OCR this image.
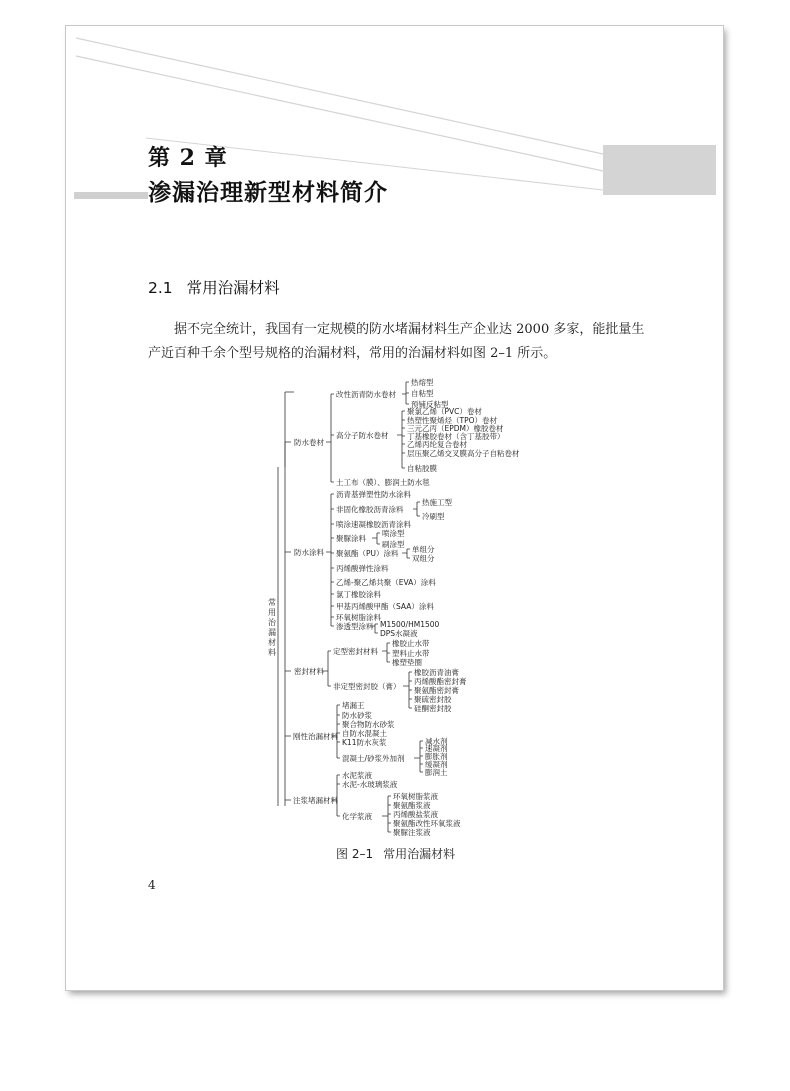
第 2 章
渗漏治理新型材料简介
2.1 常用治漏材料

据不完全统计，我国有一定规模的防水堵漏材料生产企业达 2000 多家，能批量生产近百种千余个型号规格的治漏材料，常用的治漏材料如图 2–1 所示。

常用治漏材料
防水卷材
防水涂料
密封材料
刚性治漏材料
注浆堵漏材料
改性沥青防水卷材
热熔型
自粘型
预铺反粘型
高分子防水卷材
聚氯乙烯（PVC）卷材
热塑性聚烯烃（TPO）卷材
三元乙丙（EPDM）橡胶卷材
丁基橡胶卷材（含丁基胶带）
乙烯丙纶复合卷材
层压聚乙烯交叉膜高分子自粘卷材
自粘胶膜
土工布（膜）、膨润土防水毯
沥青基弹塑性防水涂料
非固化橡胶沥青涂料
热施工型
冷刷型
喷涂速凝橡胶沥青涂料
聚脲涂料
喷涂型
刷涂型
聚氨酯（PU）涂料 单组分
双组分
丙烯酸弹性涂料
乙烯-聚乙烯共聚（EVA）涂料
氯丁橡胶涂料
甲基丙烯酸甲酯（SAA）涂料
环氧树脂涂料
渗透型涂料 M1500/HM1500
DPS水凝液
定型密封材料
橡胶止水带
塑料止水带
橡塑垫圈
非定型密封胶（膏）
橡胶沥青油膏
丙烯酸酯密封膏
聚氨酯密封膏
聚硫密封胶
硅酮密封胶
堵漏王
防水砂浆
聚合物防水砂浆
自防水混凝土
K11防水灰浆
混凝土/砂浆外加剂
减水剂
速凝剂
膨胀剂
缓凝剂
膨润土
水泥浆液
水泥-水玻璃浆液
化学浆液
环氧树脂浆液
聚氨酯浆液
丙烯酸盐浆液
聚氨酯改性环氧浆液
聚脲注浆液
图 2–1 常用治漏材料
4
